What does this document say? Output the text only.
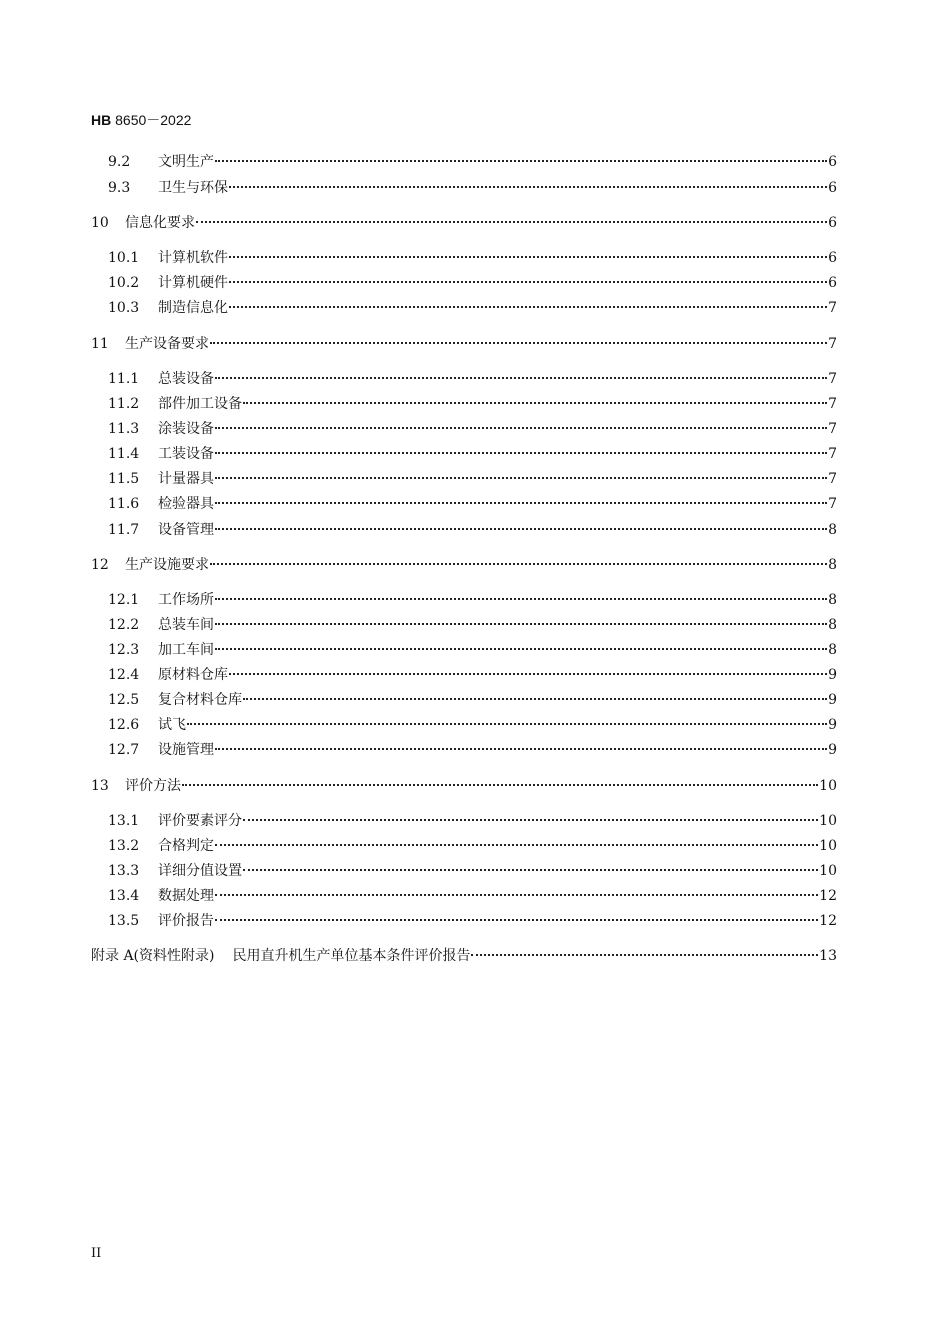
HB 8650－2022
9.2	文明生产	6
9.3	卫生与环保	6
10	信息化要求	6
10.1	计算机软件	6
10.2	计算机硬件	6
10.3	制造信息化	7
11	生产设备要求	7
11.1	总装设备	7
11.2	部件加工设备	7
11.3	涂装设备	7
11.4	工装设备	7
11.5	计量器具	7
11.6	检验器具	7
11.7	设备管理	8
12	生产设施要求	8
12.1	工作场所	8
12.2	总装车间	8
12.3	加工车间	8
12.4	原材料仓库	9
12.5	复合材料仓库	9
12.6	试飞	9
12.7	设施管理	9
13	评价方法	10
13.1	评价要素评分	10
13.2	合格判定	10
13.3	详细分值设置	10
13.4	数据处理	12
13.5	评价报告	12
附录 A(资料性附录) 民用直升机生产单位基本条件评价报告	13
II
